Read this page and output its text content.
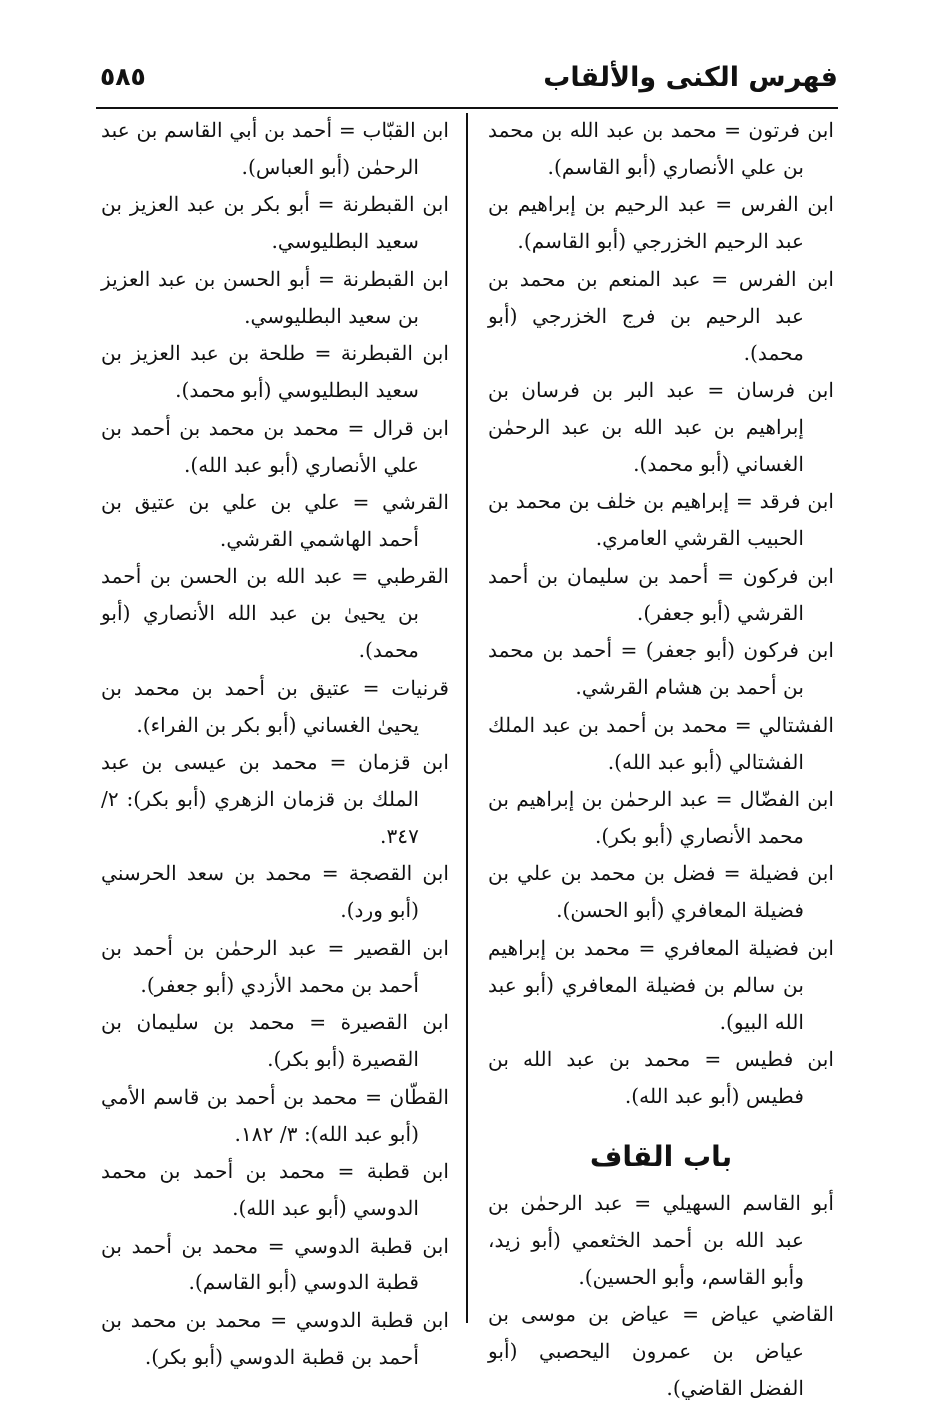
فهرس الكنى والألقاب
٥٨٥

ابن فرتون = محمد بن عبد الله بن محمد بن علي الأنصاري (أبو القاسم).

ابن الفرس = عبد الرحيم بن إبراهيم بن عبد الرحيم الخزرجي (أبو القاسم).

ابن الفرس = عبد المنعم بن محمد بن عبد الرحيم بن فرج الخزرجي (أبو محمد).

ابن فرسان = عبد البر بن فرسان بن إبراهيم بن عبد الله بن عبد الرحمٰن الغساني (أبو محمد).

ابن فرقد = إبراهيم بن خلف بن محمد بن الحبيب القرشي العامري.

ابن فركون = أحمد بن سليمان بن أحمد القرشي (أبو جعفر).

ابن فركون (أبو جعفر) = أحمد بن محمد بن أحمد بن هشام القرشي.

الفشتالي = محمد بن أحمد بن عبد الملك الفشتالي (أبو عبد الله).

ابن الفضّال = عبد الرحمٰن بن إبراهيم بن محمد الأنصاري (أبو بكر).

ابن فضيلة = فضل بن محمد بن علي بن فضيلة المعافري (أبو الحسن).

ابن فضيلة المعافري = محمد بن إبراهيم بن سالم بن فضيلة المعافري (أبو عبد الله البيو).

ابن فطيس = محمد بن عبد الله بن فطيس (أبو عبد الله).

باب القاف

أبو القاسم السهيلي = عبد الرحمٰن بن عبد الله بن أحمد الخثعمي (أبو زيد، وأبو القاسم، وأبو الحسين).

القاضي عياض = عياض بن موسى بن عياض بن عمرون اليحصبي (أبو الفضل القاضي).

ابن القبّاب = أحمد بن أبي القاسم بن عبد الرحمٰن (أبو العباس).

ابن القبطرنة = أبو بكر بن عبد العزيز بن سعيد البطليوسي.

ابن القبطرنة = أبو الحسن بن عبد العزيز بن سعيد البطليوسي.

ابن القبطرنة = طلحة بن عبد العزيز بن سعيد البطليوسي (أبو محمد).

ابن قرال = محمد بن محمد بن أحمد بن علي الأنصاري (أبو عبد الله).

القرشي = علي بن علي بن عتيق بن أحمد الهاشمي القرشي.

القرطبي = عبد الله بن الحسن بن أحمد بن يحيىٰ بن عبد الله الأنصاري (أبو محمد).

قرنيات = عتيق بن أحمد بن محمد بن يحيىٰ الغساني (أبو بكر بن الفراء).

ابن قزمان = محمد بن عيسى بن عبد الملك بن قزمان الزهري (أبو بكر): ٢/ ٣٤٧.

ابن القصجة = محمد بن سعد الحرسني (أبو ورد).

ابن القصير = عبد الرحمٰن بن أحمد بن أحمد بن محمد الأزدي (أبو جعفر).

ابن القصيرة = محمد بن سليمان بن القصيرة (أبو بكر).

القطّان = محمد بن أحمد بن قاسم الأمي (أبو عبد الله): ٣/ ١٨٢.

ابن قطبة = محمد بن أحمد بن محمد الدوسي (أبو عبد الله).

ابن قطبة الدوسي = محمد بن أحمد بن قطبة الدوسي (أبو القاسم).

ابن قطبة الدوسي = محمد بن محمد بن أحمد بن قطبة الدوسي (أبو بكر).
